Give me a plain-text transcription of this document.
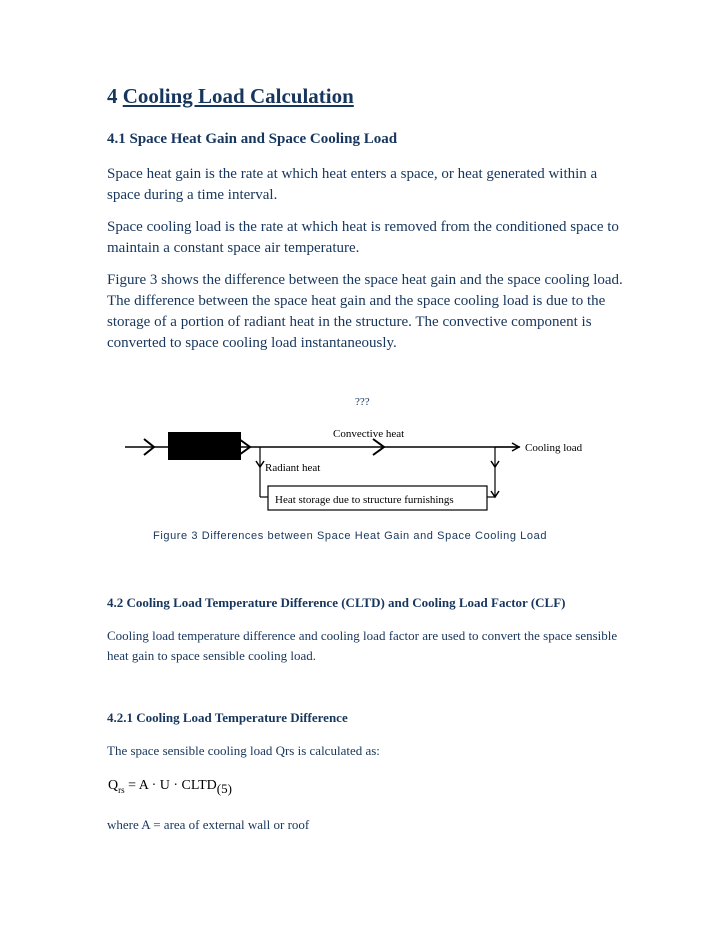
4 Cooling Load Calculation

4.1 Space Heat Gain and Space Cooling Load

Space heat gain is the rate at which heat enters a space, or heat generated within a space during a time interval.

Space cooling load is the rate at which heat is removed from the conditioned space to maintain a constant space air temperature.

Figure 3 shows the difference between the space heat gain and the space cooling load. The difference between the space heat gain and the space cooling load is due to the storage of a portion of radiant heat in the structure. The convective component is converted to space cooling load instantaneously.

???
Convective heat
Cooling load
Radiant heat
Heat storage due to structure furnishings

Figure 3 Differences between Space Heat Gain and Space Cooling Load

4.2 Cooling Load Temperature Difference (CLTD) and Cooling Load Factor (CLF)

Cooling load temperature difference and cooling load factor are used to convert the space sensible heat gain to space sensible cooling load.

4.2.1 Cooling Load Temperature Difference

The space sensible cooling load Qrs is calculated as:

$Q_{rs} = A \cdot U$ · CLTD(5)

where A = area of external wall or roof
